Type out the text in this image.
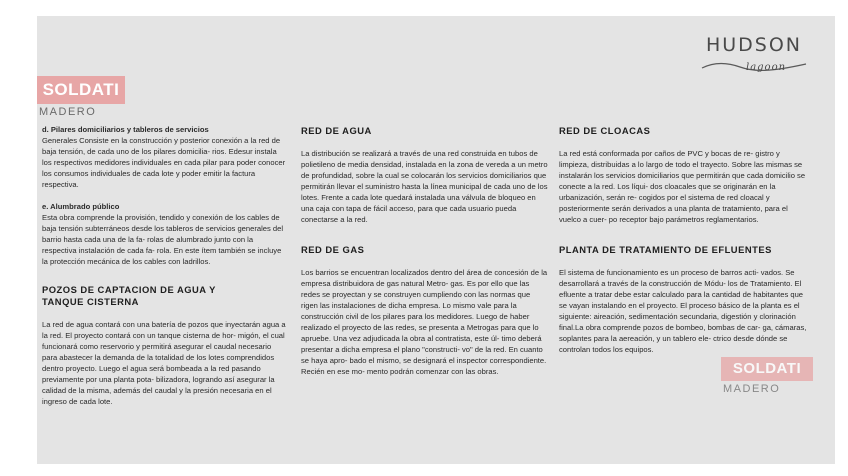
HUDSON
lagoon

d. Pilares domiciliarios y tableros de servicios

Generales Consiste en la construcción y posterior conexión a la red de baja tensión, de cada uno de los pilares domicilia- rios. Edesur instala los respectivos medidores individuales en cada pilar para poder conocer los consumos individuales de cada lote y poder emitir la factura respectiva.

e. Alumbrado público

Esta obra comprende la provisión, tendido y conexión de los cables de baja tensión subterráneos desde los tableros de servicios generales del barrio hasta cada una de la fa- rolas de alumbrado junto con la respectiva instalación de cada fa- rola. En este ítem también se incluye la protección mecánica de los cables con ladrillos.

POZOS DE CAPTACION DE AGUA Y TANQUE CISTERNA

La red de agua contará con una batería de pozos que inyectarán agua a la red. El proyecto contará con un tanque cisterna de hor- migón, el cual funcionará como reservorio y permitirá asegurar el caudal necesario para abastecer la demanda de la totalidad de los lotes comprendidos dentro proyecto. Luego el agua será bombeada a la red pasando previamente por una planta pota- bilizadora, logrando así asegurar la calidad de la misma, además del caudal y la presión necesaria en el ingreso de cada lote.

RED DE AGUA

La distribución se realizará a través de una red construida en tubos de polietileno de media densidad, instalada en la zona de vereda a un metro de profundidad, sobre la cual se colocarán los servicios domiciliarios que permitirán llevar el suministro hasta la línea municipal de cada uno de los lotes. Frente a cada lote quedará instalada una válvula de bloqueo en una caja con tapa de fácil acceso, para que cada usuario pueda conectarse a la red.

RED DE GAS

Los barrios se encuentran localizados dentro del área de concesión de la empresa distribuidora de gas natural Metro- gas. Es por ello que las redes se proyectan y se construyen cumpliendo con las normas que rigen las instalaciones de dicha empresa. Lo mismo vale para la construcción civil de los pilares para los medidores. Luego de haber realizado el proyecto de las redes, se presenta a Metrogas para que lo apruebe. Una vez adjudicada la obra al contratista, este úl- timo deberá presentar a dicha empresa el plano "constructi- vo" de la red. En cuanto se haya apro- bado el mismo, se designará el inspector correspondiente. Recién en ese mo- mento podrán comenzar con las obras.

RED DE CLOACAS

La red está conformada por caños de PVC y bocas de re- gistro y limpieza, distribuidas a lo largo de todo el trayecto. Sobre las mismas se instalarán los servicios domiciliarios que permitirán que cada domicilio se conecte a la red. Los líqui- dos cloacales que se originarán en la urbanización, serán re- cogidos por el sistema de red cloacal y posteriormente serán derivados a una planta de tratamiento, para el vuelco a cuer- po receptor bajo parámetros reglamentarios.

PLANTA DE TRATAMIENTO DE EFLUENTES

El sistema de funcionamiento es un proceso de barros acti- vados. Se desarrollará a través de la construcción de Módu- los de Tratamiento. El efluente a tratar debe estar calculado para la cantidad de habitantes que se vayan instalando en el proyecto. El proceso básico de la planta es el siguiente: aireación, sedimentación secundaria, digestión y clorinación final.La obra comprende pozos de bombeo, bombas de car- ga, cámaras, soplantes para la aereación, y un tablero ele- ctrico desde dónde se controlan todos los equipos.

SOLDATI
MADERO
SOLDATI
MADERO
